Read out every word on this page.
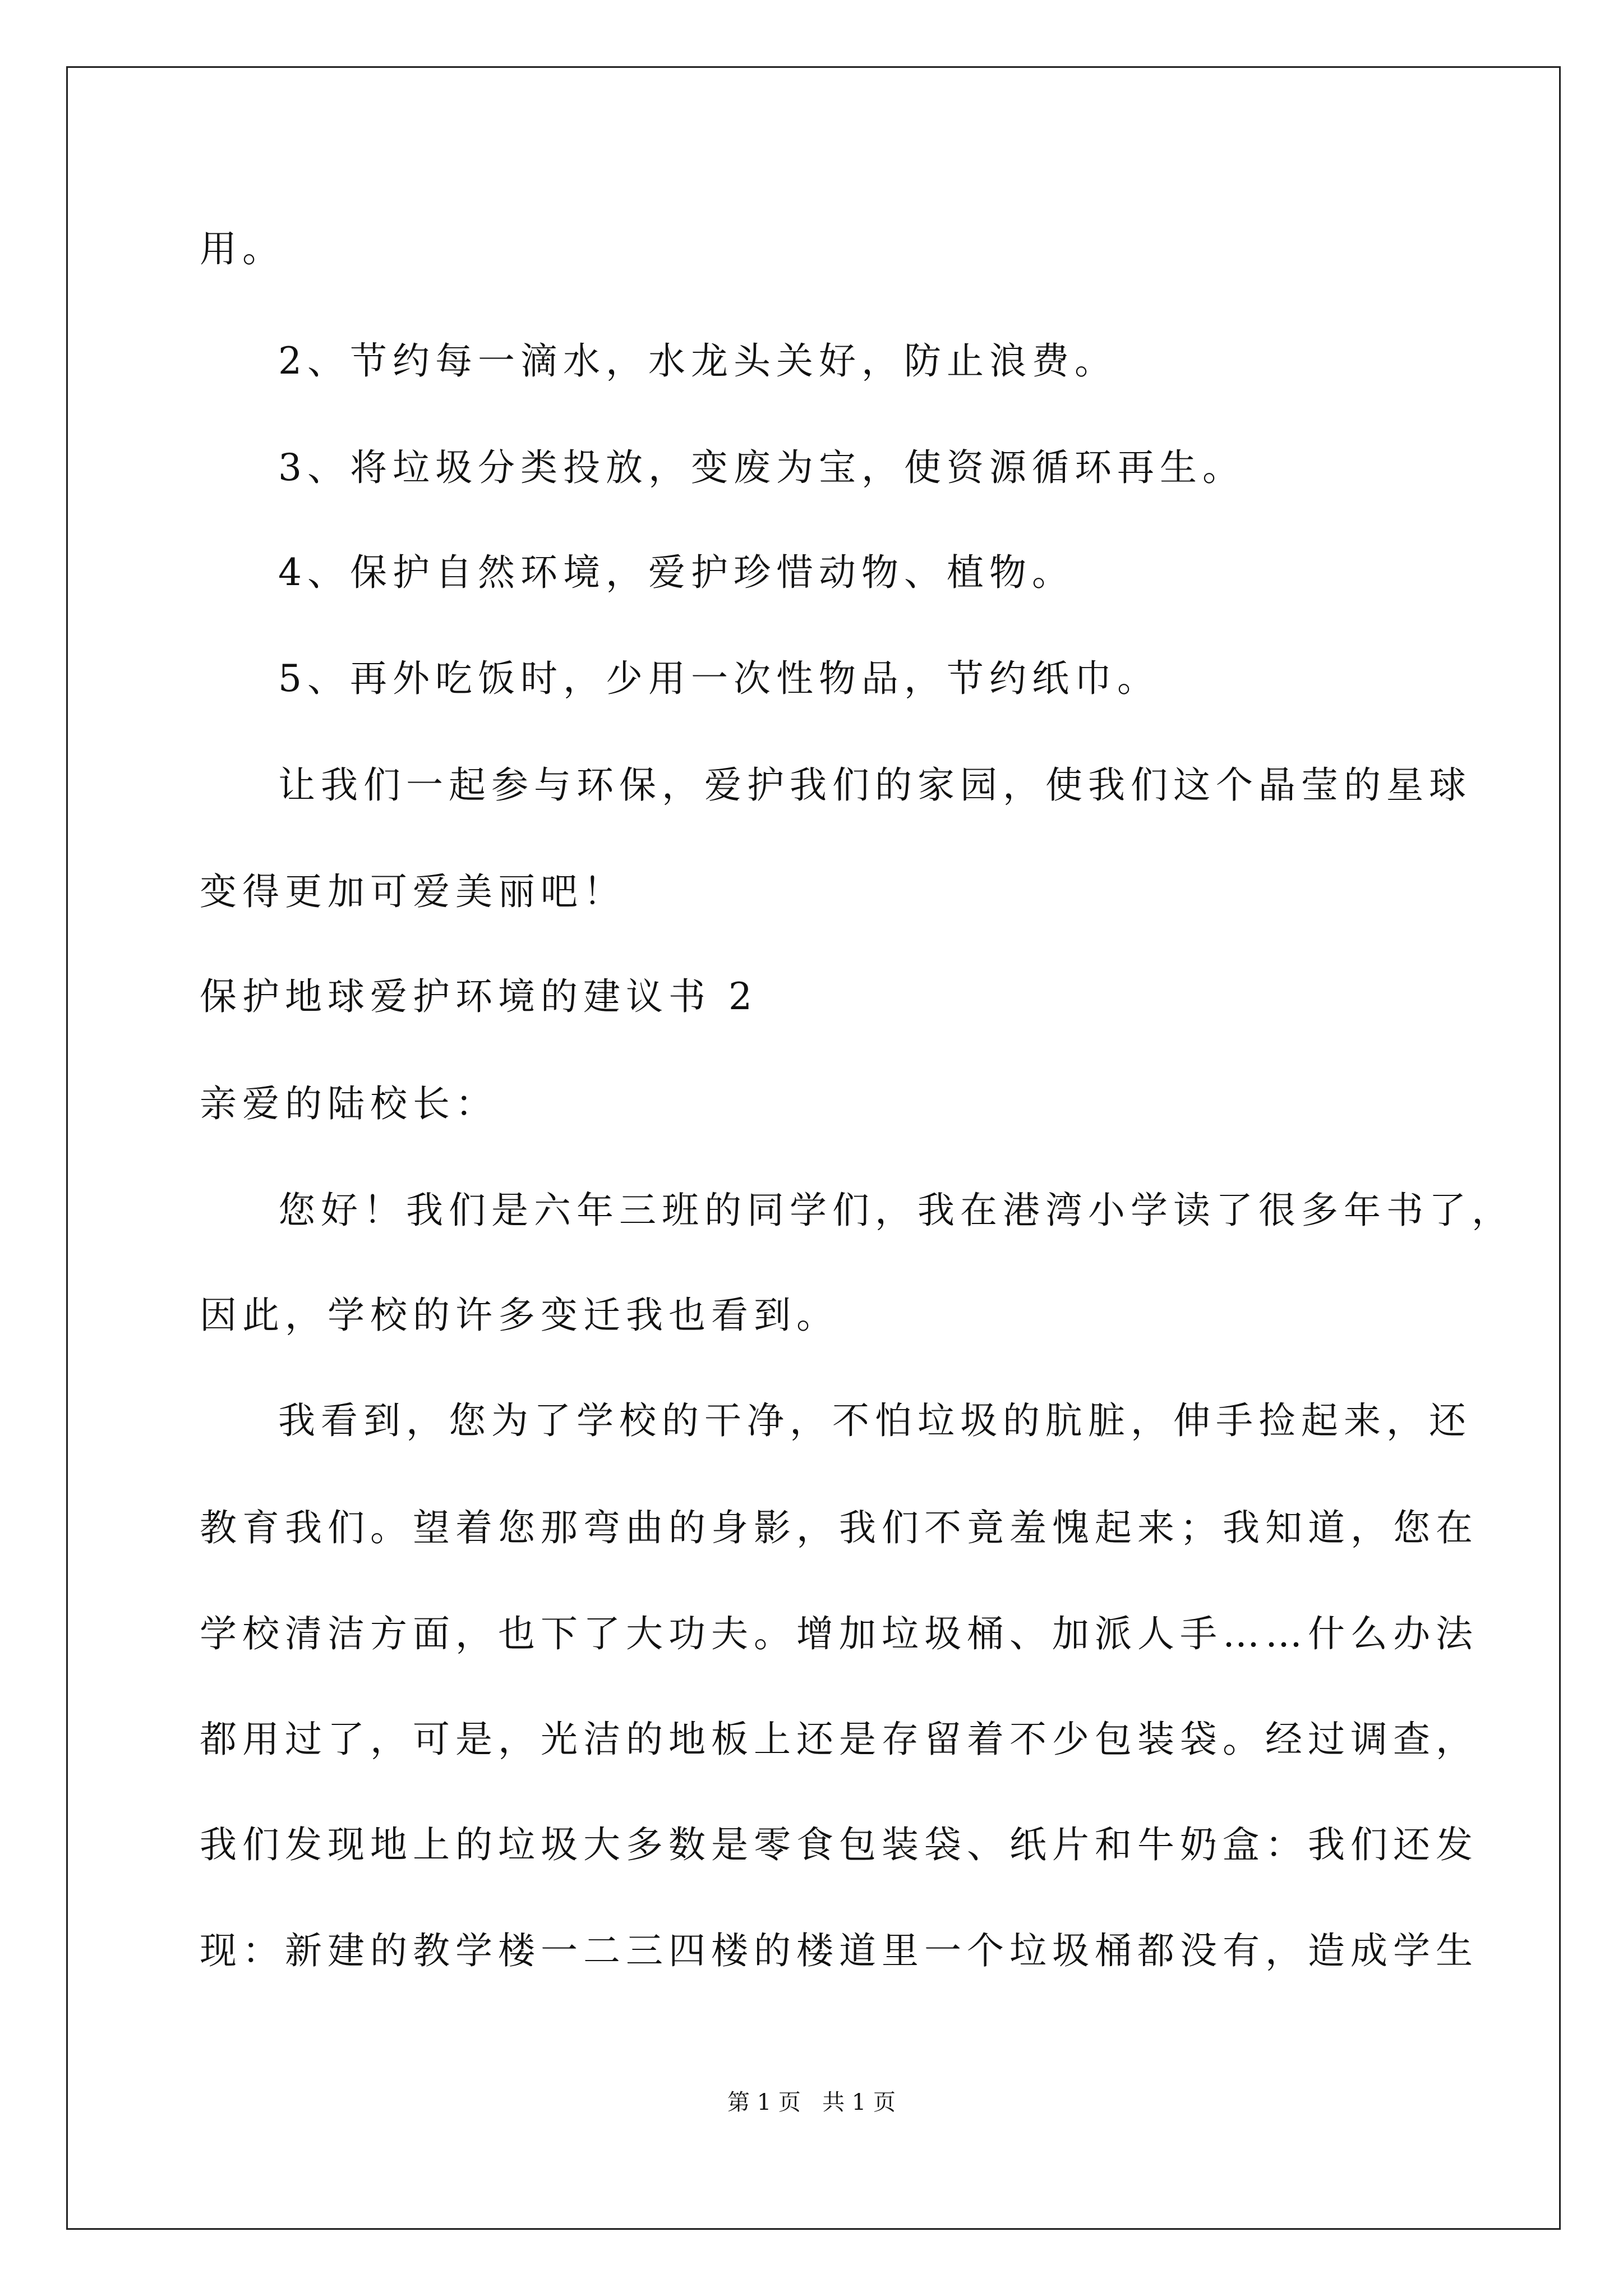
用。
2、节约每一滴水，水龙头关好，防止浪费。
3、将垃圾分类投放，变废为宝，使资源循环再生。
4、保护自然环境，爱护珍惜动物、植物。
5、再外吃饭时，少用一次性物品，节约纸巾。
让我们一起参与环保，爱护我们的家园，使我们这个晶莹的星球
变得更加可爱美丽吧！
保护地球爱护环境的建议书 2
亲爱的陆校长：
您好！我们是六年三班的同学们，我在港湾小学读了很多年书了，
因此，学校的许多变迁我也看到。
我看到，您为了学校的干净，不怕垃圾的肮脏，伸手捡起来，还
教育我们。望着您那弯曲的身影，我们不竟羞愧起来；我知道，您在
学校清洁方面，也下了大功夫。增加垃圾桶、加派人手……什么办法
都用过了，可是，光洁的地板上还是存留着不少包装袋。经过调查，
我们发现地上的垃圾大多数是零食包装袋、纸片和牛奶盒：我们还发
现：新建的教学楼一二三四楼的楼道里一个垃圾桶都没有，造成学生
第 1 页   共 1 页
